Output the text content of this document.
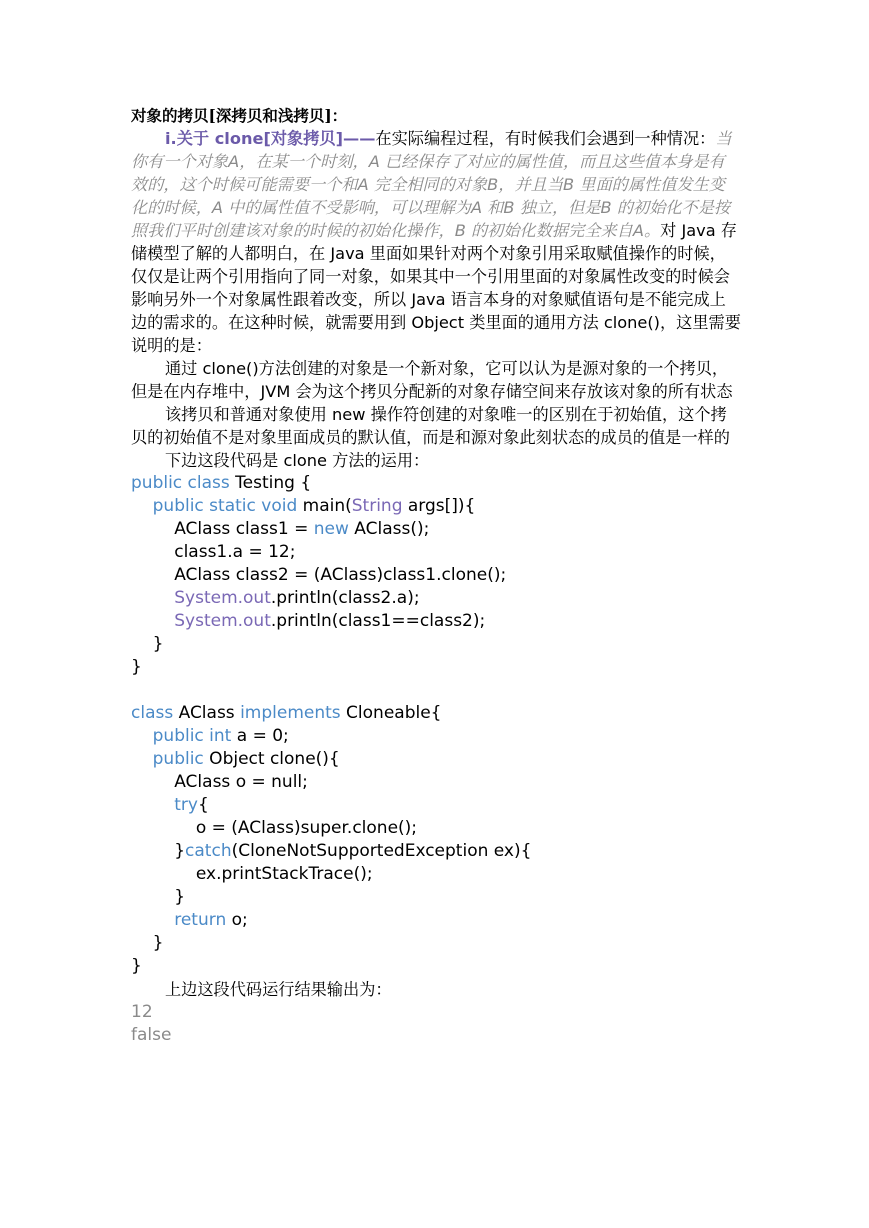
对象的拷贝[深拷贝和浅拷贝]：

i.关于 clone[对象拷贝]——在实际编程过程，有时候我们会遇到一种情况：当你有一个对象A，在某一个时刻，A 已经保存了对应的属性值，而且这些值本身是有效的，这个时候可能需要一个和A 完全相同的对象B，并且当B 里面的属性值发生变化的时候，A 中的属性值不受影响，可以理解为A 和B 独立，但是B 的初始化不是按照我们平时创建该对象的时候的初始化操作，B 的初始化数据完全来自A。对 Java 存储模型了解的人都明白，在 Java 里面如果针对两个对象引用采取赋值操作的时候，仅仅是让两个引用指向了同一对象，如果其中一个引用里面的对象属性改变的时候会影响另外一个对象属性跟着改变，所以 Java 语言本身的对象赋值语句是不能完成上边的需求的。在这种时候，就需要用到 Object 类里面的通用方法 clone()，这里需要说明的是：

通过 clone()方法创建的对象是一个新对象，它可以认为是源对象的一个拷贝，但是在内存堆中，JVM 会为这个拷贝分配新的对象存储空间来存放该对象的所有状态

该拷贝和普通对象使用 new 操作符创建的对象唯一的区别在于初始值，这个拷贝的初始值不是对象里面成员的默认值，而是和源对象此刻状态的成员的值是一样的

下边这段代码是 clone 方法的运用：

public class Testing {
public static void main(String args[]){
AClass class1 = new AClass();
class1.a = 12;
AClass class2 = (AClass)class1.clone();
System.out.println(class2.a);
System.out.println(class1==class2);
}
}

class AClass implements Cloneable{
public int a = 0;
public Object clone(){
AClass o = null;
try{
o = (AClass)super.clone();
}catch(CloneNotSupportedException ex){
ex.printStackTrace();
}
return o;
}
}

上边这段代码运行结果输出为：

12
false
